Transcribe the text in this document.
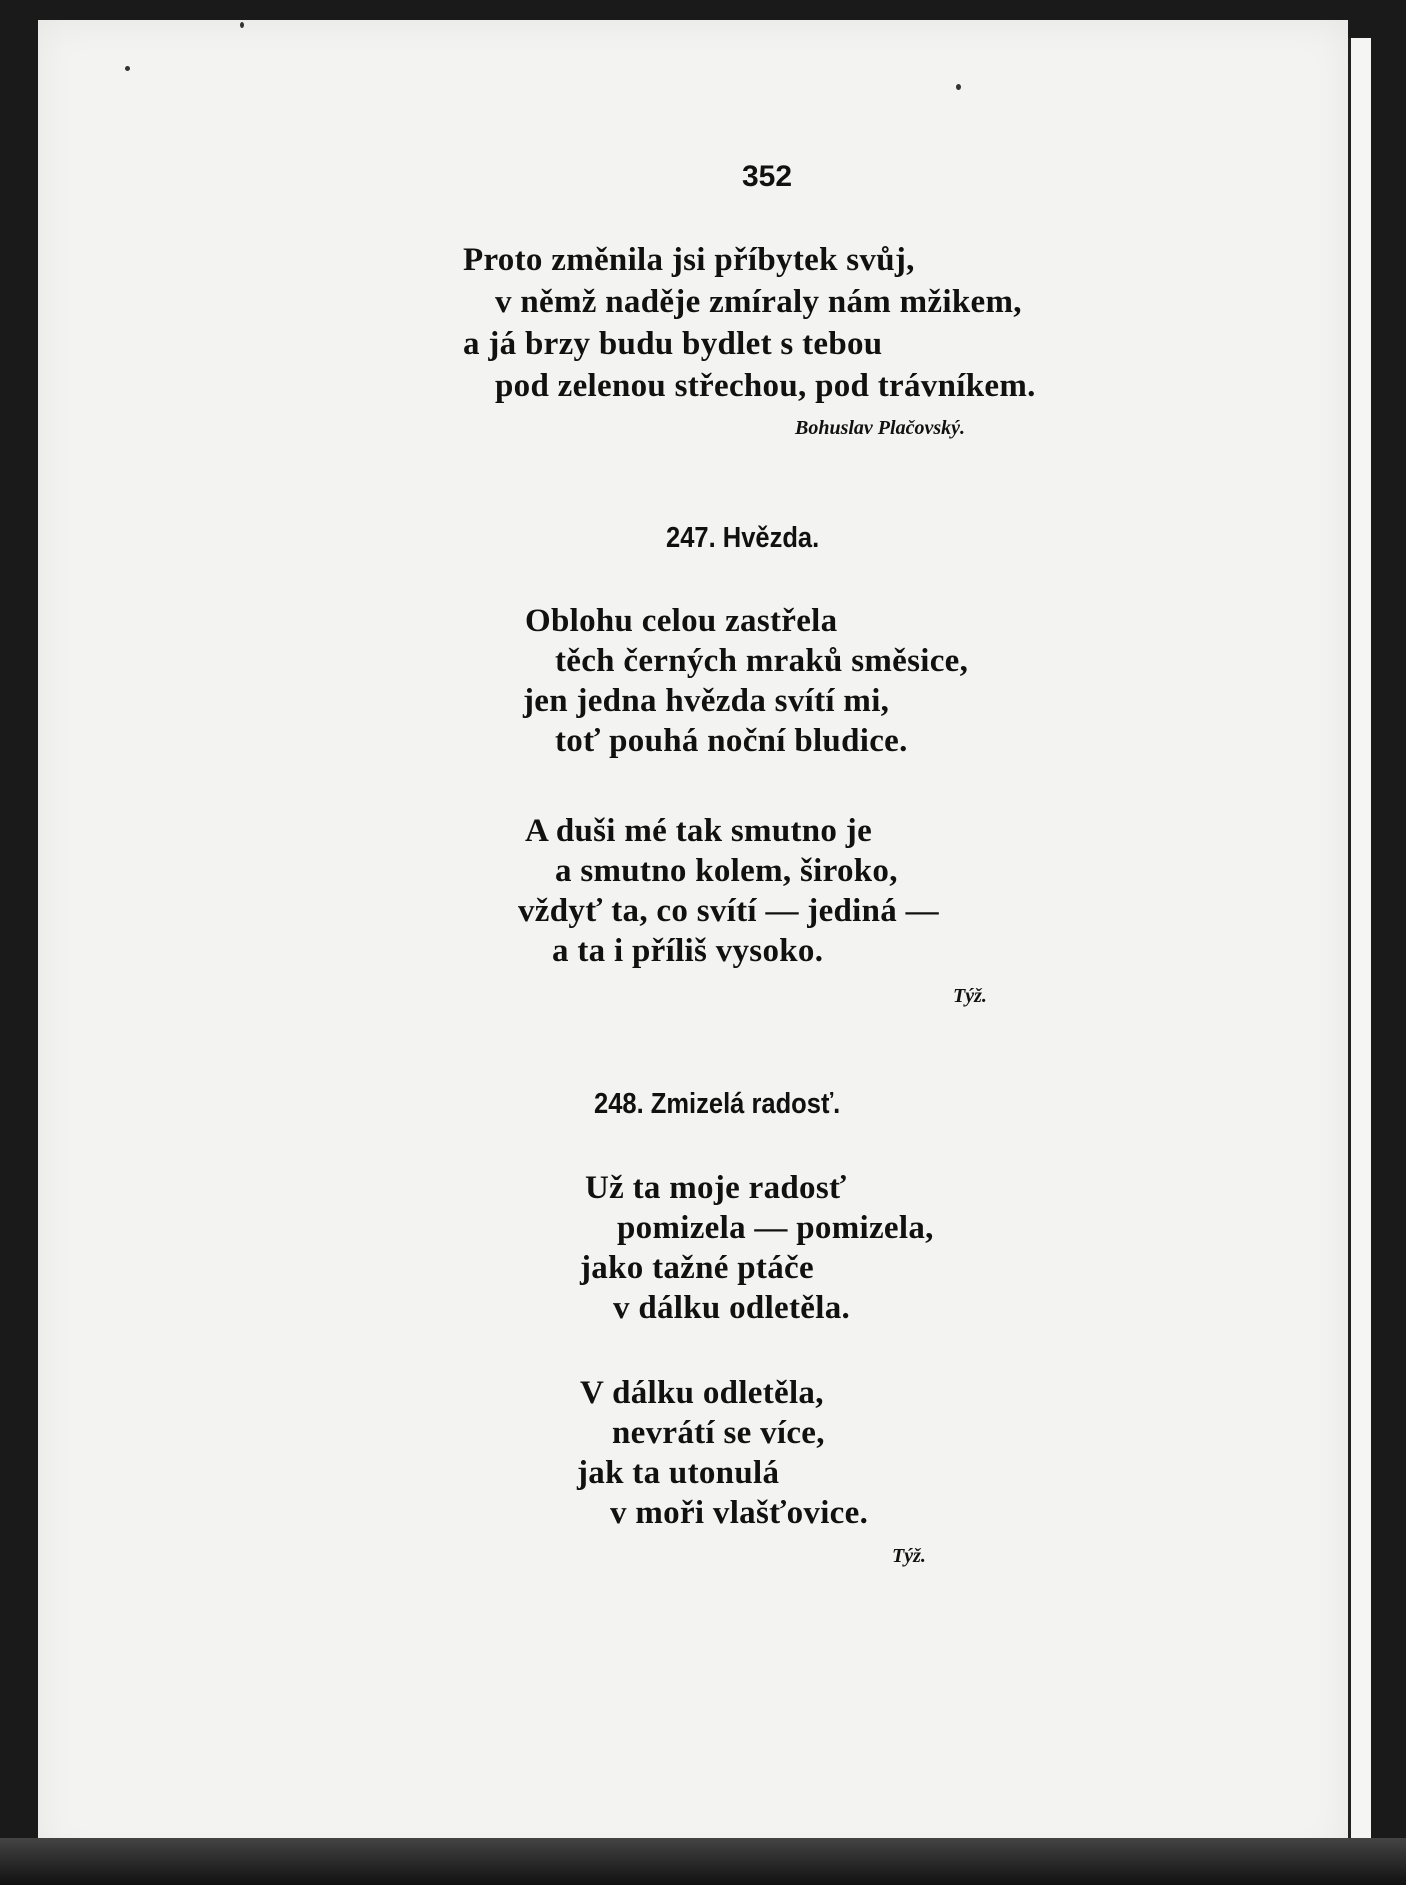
352
Proto změnila jsi příbytek svůj,
v němž naděje zmíraly nám mžikem,
a já brzy budu bydlet s tebou
pod zelenou střechou, pod trávníkem.
Bohuslav Plačovský.
247. Hvězda.
Oblohu celou zastřela
těch černých mraků směsice,
jen jedna hvězda svítí mi,
toť pouhá noční bludice.
A duši mé tak smutno je
a smutno kolem, široko,
vždyť ta, co svítí — jediná —
a ta i příliš vysoko.
Týž.
248. Zmizelá radosť.
Už ta moje radosť
pomizela — pomizela,
jako tažné ptáče
v dálku odletěla.
V dálku odletěla,
nevrátí se více,
jak ta utonulá
v moři vlašťovice.
Týž.
